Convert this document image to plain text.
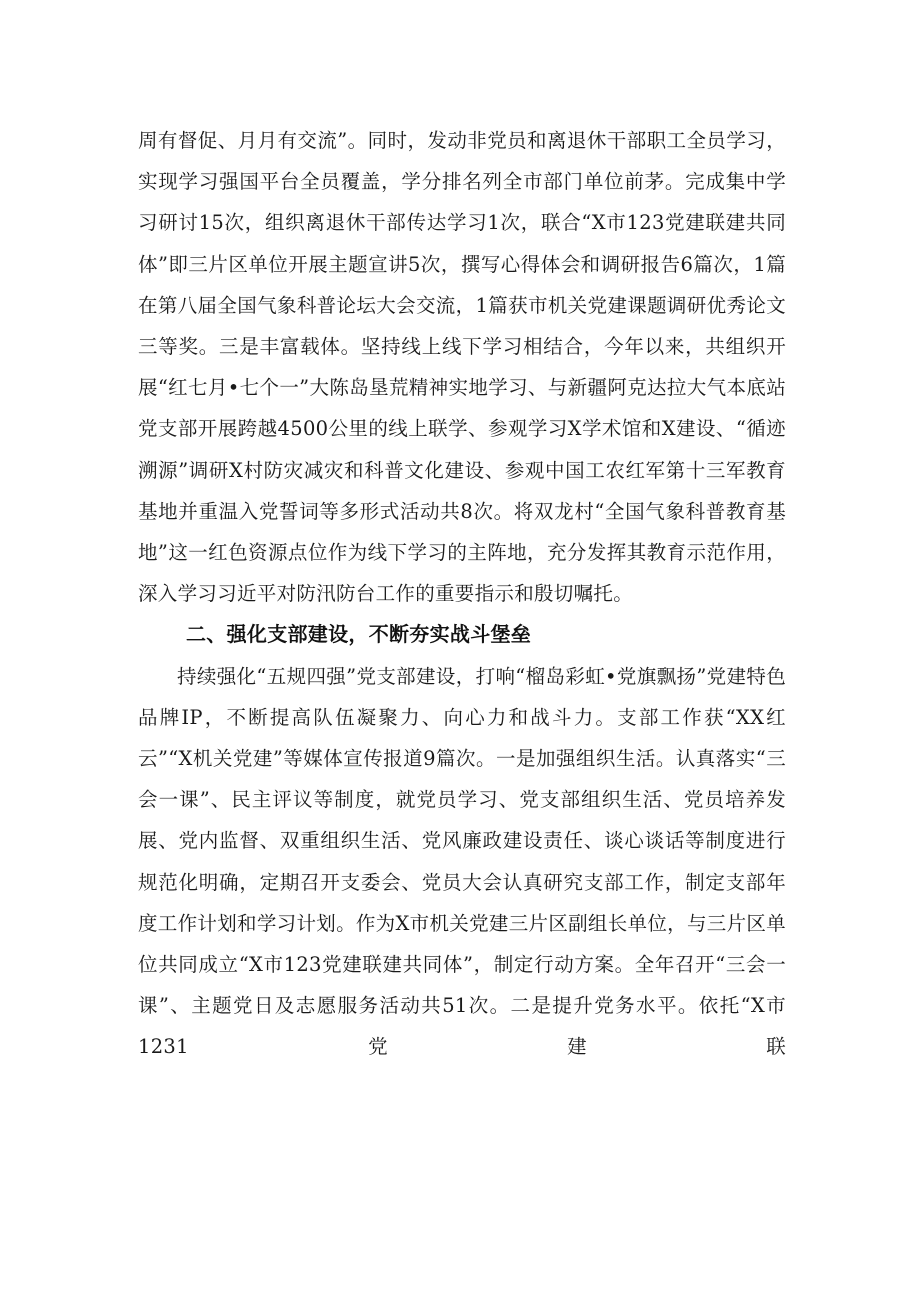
周有督促、月月有交流”。同时，发动非党员和离退休干部职工全员学习，实现学习强国平台全员覆盖，学分排名列全市部门单位前茅。完成集中学习研讨15次，组织离退休干部传达学习1次，联合“X市123党建联建共同体”即三片区单位开展主题宣讲5次，撰写心得体会和调研报告6篇次，1篇在第八届全国气象科普论坛大会交流，1篇获市机关党建课题调研优秀论文三等奖。三是丰富载体。坚持线上线下学习相结合，今年以来，共组织开展“红七月•七个一”大陈岛垦荒精神实地学习、与新疆阿克达拉大气本底站党支部开展跨越4500公里的线上联学、参观学习X学术馆和X建设、“循迹溯源”调研X村防灾减灾和科普文化建设、参观中国工农红军第十三军教育基地并重温入党誓词等多形式活动共8次。将双龙村“全国气象科普教育基地”这一红色资源点位作为线下学习的主阵地，充分发挥其教育示范作用，深入学习习近平对防汛防台工作的重要指示和殷切嘱托。

二、强化支部建设，不断夯实战斗堡垒

持续强化“五规四强”党支部建设，打响“榴岛彩虹•党旗飘扬”党建特色品牌IP，不断提高队伍凝聚力、向心力和战斗力。支部工作获“XX红云”“X机关党建”等媒体宣传报道9篇次。一是加强组织生活。认真落实“三会一课”、民主评议等制度，就党员学习、党支部组织生活、党员培养发展、党内监督、双重组织生活、党风廉政建设责任、谈心谈话等制度进行规范化明确，定期召开支委会、党员大会认真研究支部工作，制定支部年度工作计划和学习计划。作为X市机关党建三片区副组长单位，与三片区单位共同成立“X市123党建联建共同体”，制定行动方案。全年召开“三会一课”、主题党日及志愿服务活动共51次。二是提升党务水平。依托“X市1231党建联
